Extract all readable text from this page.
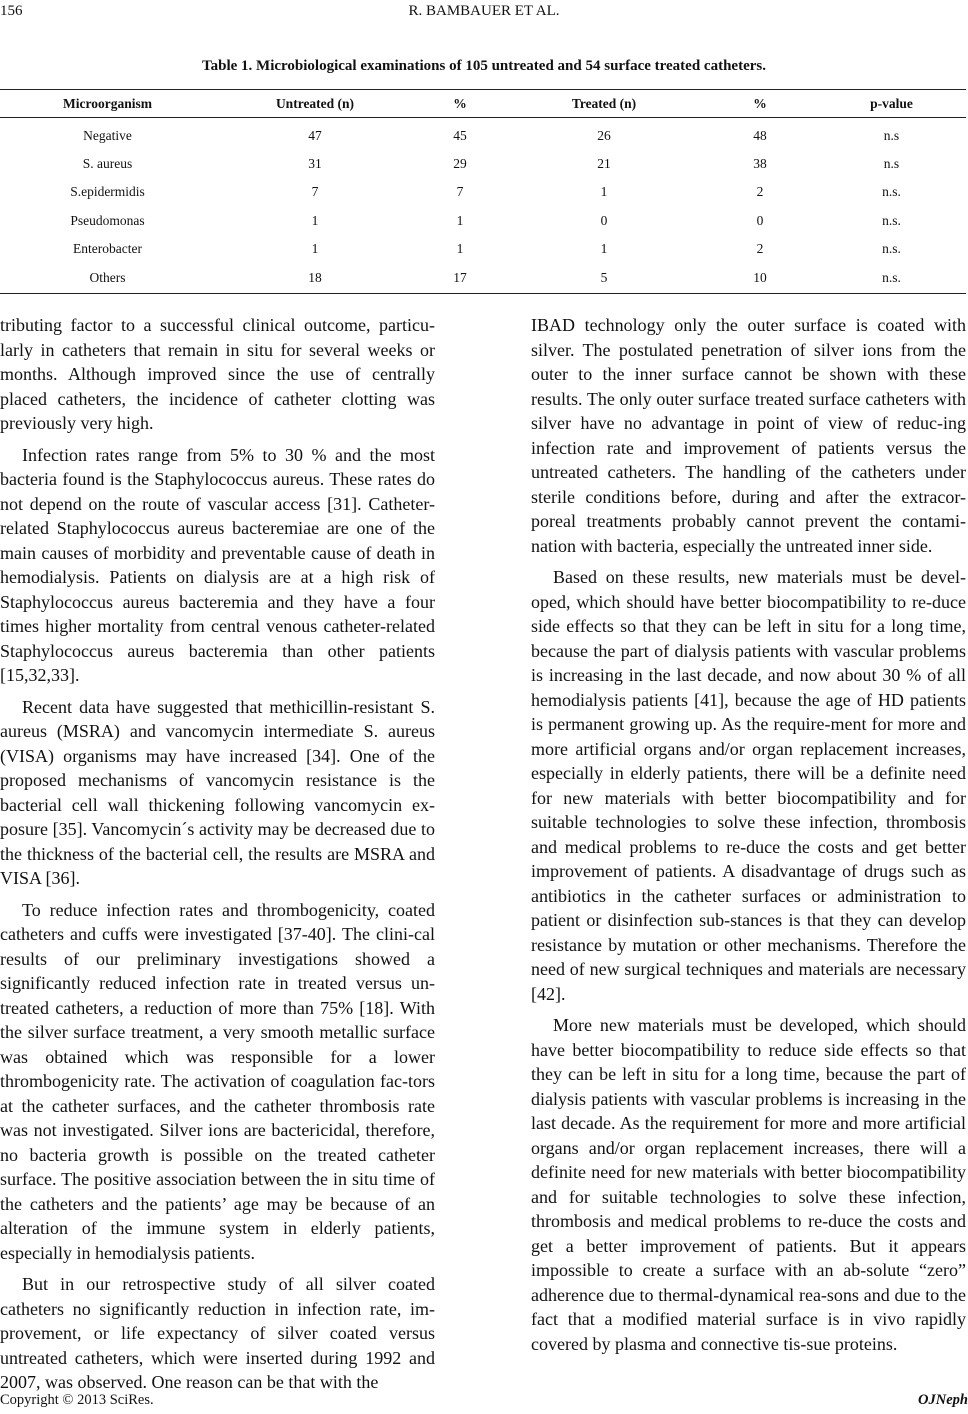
156	R. BAMBAUER ET AL.
Table 1. Microbiological examinations of 105 untreated and 54 surface treated catheters.
Microorganism	Untreated (n)	%	Treated (n)	%	p-value
Negative	47	45	26	48	n.s
S. aureus	31	29	21	38	n.s
S.epidermidis	7	7	1	2	n.s.
Pseudomonas	1	1	0	0	n.s.
Enterobacter	1	1	1	2	n.s.
Others	18	17	5	10	n.s.

tributing factor to a successful clinical outcome, particu-larly in catheters that remain in situ for several weeks or months. Although improved since the use of centrally placed catheters, the incidence of catheter clotting was previously very high.

Infection rates range from 5% to 30 % and the most bacteria found is the Staphylococcus aureus. These rates do not depend on the route of vascular access [31]. Catheter-related Staphylococcus aureus bacteremiae are one of the main causes of morbidity and preventable cause of death in hemodialysis. Patients on dialysis are at a high risk of Staphylococcus aureus bacteremia and they have a four times higher mortality from central venous catheter-related Staphylococcus aureus bacteremia than other patients [15,32,33].

Recent data have suggested that methicillin-resistant S. aureus (MSRA) and vancomycin intermediate S. aureus (VISA) organisms may have increased [34]. One of the proposed mechanisms of vancomycin resistance is the bacterial cell wall thickening following vancomycin ex-posure [35]. Vancomycin´s activity may be decreased due to the thickness of the bacterial cell, the results are MSRA and VISA [36].

To reduce infection rates and thrombogenicity, coated catheters and cuffs were investigated [37-40]. The clini-cal results of our preliminary investigations showed a significantly reduced infection rate in treated versus un-treated catheters, a reduction of more than 75% [18]. With the silver surface treatment, a very smooth metallic surface was obtained which was responsible for a lower thrombogenicity rate. The activation of coagulation fac-tors at the catheter surfaces, and the catheter thrombosis rate was not investigated. Silver ions are bactericidal, therefore, no bacteria growth is possible on the treated catheter surface. The positive association between the in situ time of the catheters and the patients’ age may be because of an alteration of the immune system in elderly patients, especially in hemodialysis patients.

But in our retrospective study of all silver coated catheters no significantly reduction in infection rate, im-provement, or life expectancy of silver coated versus untreated catheters, which were inserted during 1992 and 2007, was observed. One reason can be that with the

IBAD technology only the outer surface is coated with silver. The postulated penetration of silver ions from the outer to the inner surface cannot be shown with these results. The only outer surface treated surface catheters with silver have no advantage in point of view of reduc-ing infection rate and improvement of patients versus the untreated catheters. The handling of the catheters under sterile conditions before, during and after the extracor-poreal treatments probably cannot prevent the contami-nation with bacteria, especially the untreated inner side.

Based on these results, new materials must be devel-oped, which should have better biocompatibility to re-duce side effects so that they can be left in situ for a long time, because the part of dialysis patients with vascular problems is increasing in the last decade, and now about 30 % of all hemodialysis patients [41], because the age of HD patients is permanent growing up. As the require-ment for more and more artificial organs and/or organ replacement increases, especially in elderly patients, there will be a definite need for new materials with better biocompatibility and for suitable technologies to solve these infection, thrombosis and medical problems to re-duce the costs and get better improvement of patients. A disadvantage of drugs such as antibiotics in the catheter surfaces or administration to patient or disinfection sub-stances is that they can develop resistance by mutation or other mechanisms. Therefore the need of new surgical techniques and materials are necessary [42].

More new materials must be developed, which should have better biocompatibility to reduce side effects so that they can be left in situ for a long time, because the part of dialysis patients with vascular problems is increasing in the last decade. As the requirement for more and more artificial organs and/or organ replacement increases, there will a definite need for new materials with better biocompatibility and for suitable technologies to solve these infection, thrombosis and medical problems to re-duce the costs and get a better improvement of patients. But it appears impossible to create a surface with an ab-solute “zero” adherence due to thermal-dynamical rea-sons and due to the fact that a modified material surface is in vivo rapidly covered by plasma and connective tis-sue proteins.

Copyright © 2013 SciRes.	OJNeph
